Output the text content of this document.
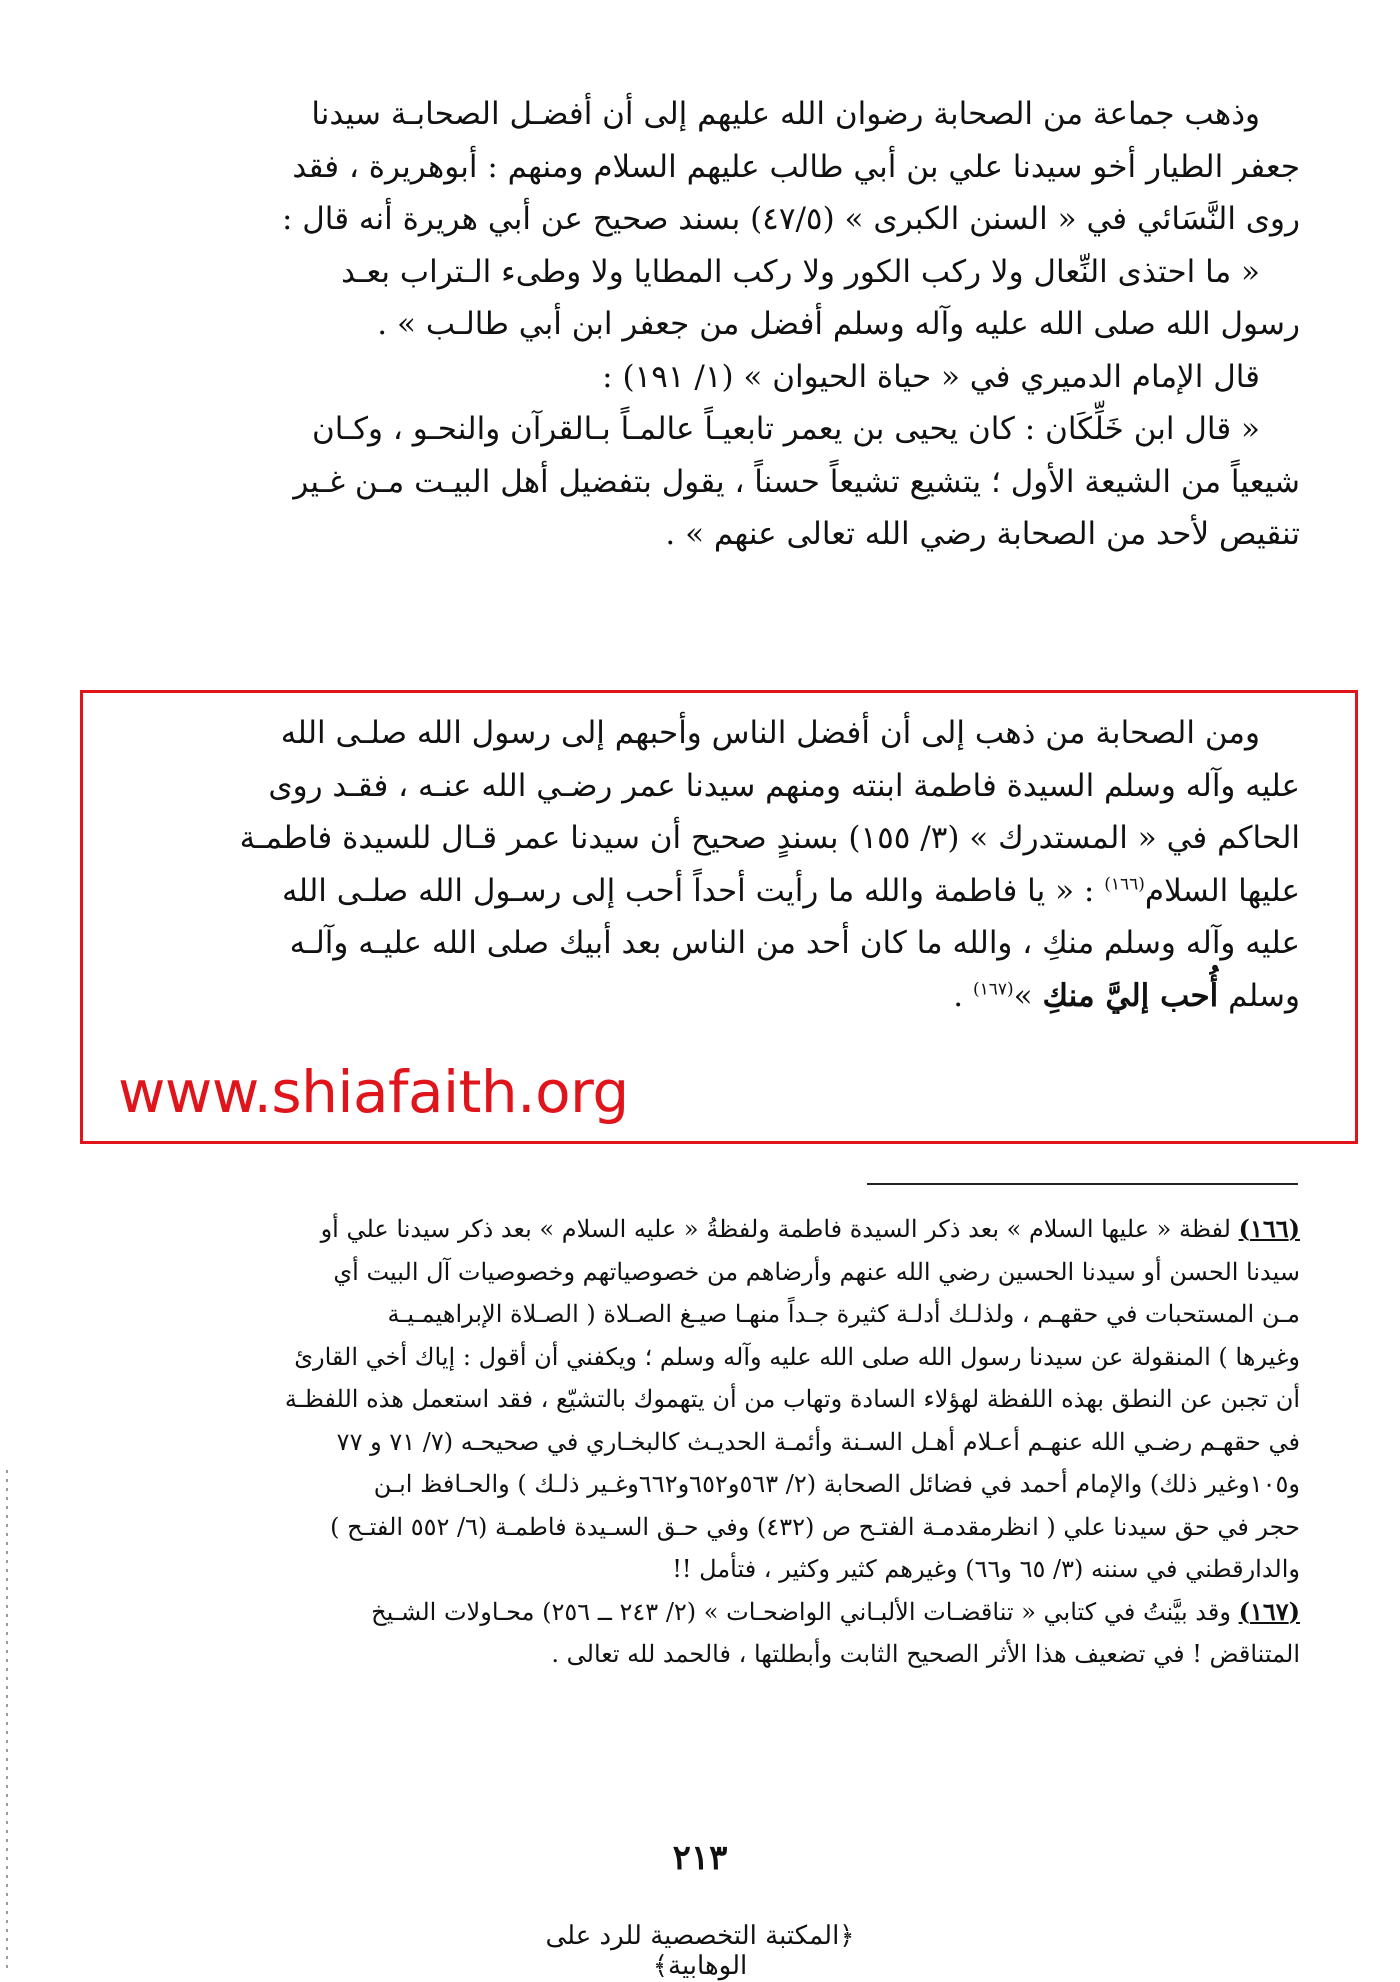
وذهب جماعة من الصحابة رضوان الله عليهم إلى أن أفضـل الصحابـة سيدنا
جعفر الطيار أخو سيدنا علي بن أبي طالب عليهم السلام ومنهم : أبوهريرة ، فقد
روى النَّسَائي في « السنن الكبرى » (٤٧/٥) بسند صحيح عن أبي هريرة أنه قال :

« ما احتذى النِّعال ولا ركب الكور ولا ركب المطايا ولا وطىء الـتراب بعـد
رسول الله صلى الله عليه وآله وسلم أفضل من جعفر ابن أبي طالـب » .

قال الإمام الدميري في « حياة الحيوان » (١/ ١٩١) :

« قال ابن خَلِّكَان : كان يحيى بن يعمر تابعيـاً عالمـاً بـالقرآن والنحـو ، وكـان
شيعياً من الشيعة الأول ؛ يتشيع تشيعاً حسناً ، يقول بتفضيل أهل البيـت مـن غـير
تنقيص لأحد من الصحابة رضي الله تعالى عنهم » .

ومن الصحابة من ذهب إلى أن أفضل الناس وأحبهم إلى رسول الله صلـى الله
عليه وآله وسلم السيدة فاطمة ابنته ومنهم سيدنا عمر رضـي الله عنـه ، فقـد روى
الحاكم في « المستدرك » (٣/ ١٥٥) بسندٍ صحيح أن سيدنا عمر قـال للسيدة فاطمـة
عليها السلام$^{(١٦٦)}$ : « يا فاطمة والله ما رأيت أحداً أحب إلى رسـول الله صلـى الله
عليه وآله وسلم منكِ ، والله ما كان أحد من الناس بعد أبيك صلى الله عليـه وآلـه
وسلم أُحب إليَّ منكِ »$^{(١٦٧)}$ .

www.shiafaith.org

(١٦٦) لفظة « عليها السلام » بعد ذكر السيدة فاطمة ولفظةُ « عليه السلام » بعد ذكر سيدنا علي أو
سيدنا الحسن أو سيدنا الحسين رضي الله عنهم وأرضاهم من خصوصياتهم وخصوصيات آل البيت أي
مـن المستحبات في حقهـم ، ولذلـك أدلـة كثيرة جـداً منهـا صيـغ الصـلاة ( الصـلاة الإبراهيمـيـة
وغيرها ) المنقولة عن سيدنا رسول الله صلى الله عليه وآله وسلم ؛ ويكفني أن أقول : إياك أخي القارئ
أن تجبن عن النطق بهذه اللفظة لهؤلاء السادة وتهاب من أن يتهموك بالتشيّع ، فقد استعمل هذه اللفظـة
في حقهـم رضـي الله عنهـم أعـلام أهـل السـنة وأئمـة الحديـث كالبخـاري في صحيحـه (٧/ ٧١ و ٧٧
و١٠٥وغير ذلك) والإمام أحمد في فضائل الصحابة (٢/ ٥٦٣و٦٥٢و٦٦٢وغـير ذلـك ) والحـافظ ابـن
حجر في حق سيدنا علي ( انظرمقدمـة الفتـح ص (٤٣٢) وفي حـق السـيدة فاطمـة (٦/ ٥٥٢ الفتـح )
والدارقطني في سننه (٣/ ٦٥ و٦٦) وغيرهم كثير وكثير ، فتأمل !!

(١٦٧) وقد بيَّنتُ في كتابي « تناقضـات الألبـاني الواضحـات » (٢/ ٢٤٣ ــ ٢٥٦) محـاولات الشـيخ
المتناقض ! في تضعيف هذا الأثر الصحيح الثابت وأبطلتها ، فالحمد لله تعالى .

٢١٣
﴿المكتبة التخصصية للرد على الوهابية﴾
